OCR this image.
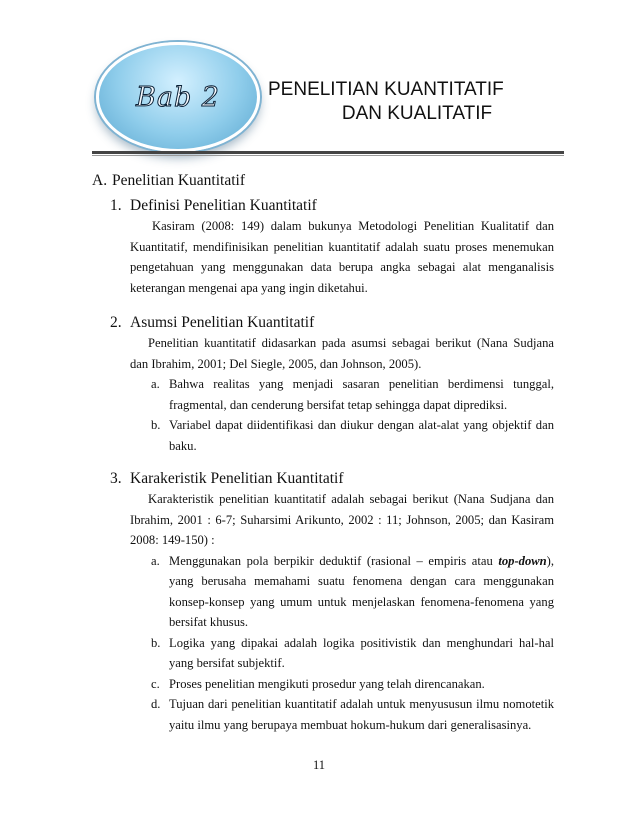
Bab 2	PENELITIAN KUANTITATIF
DAN KUALITATIF
A. Penelitian Kuantitatif
1. Definisi Penelitian Kuantitatif

Kasiram (2008: 149) dalam bukunya Metodologi Penelitian Kualitatif dan Kuantitatif, mendifinisikan penelitian kuantitatif adalah suatu proses menemukan pengetahuan yang menggunakan data berupa angka sebagai alat menganalisis keterangan mengenai apa yang ingin diketahui.

2. Asumsi Penelitian Kuantitatif

Penelitian kuantitatif didasarkan pada asumsi sebagai berikut (Nana Sudjana dan Ibrahim, 2001; Del Siegle, 2005, dan Johnson, 2005).

a. Bahwa realitas yang menjadi sasaran penelitian berdimensi tunggal, fragmental, dan cenderung bersifat tetap sehingga dapat diprediksi.
b. Variabel dapat diidentifikasi dan diukur dengan alat-alat yang objektif dan baku.
3. Karakeristik Penelitian Kuantitatif

Karakteristik penelitian kuantitatif adalah sebagai berikut (Nana Sudjana dan Ibrahim, 2001 : 6-7; Suharsimi Arikunto, 2002 : 11; Johnson, 2005; dan Kasiram 2008: 149-150) :

a. Menggunakan pola berpikir deduktif (rasional – empiris atau top-down), yang berusaha memahami suatu fenomena dengan cara menggunakan konsep-konsep yang umum untuk menjelaskan fenomena-fenomena yang bersifat khusus.
b. Logika yang dipakai adalah logika positivistik dan menghundari hal-hal yang bersifat subjektif.
c. Proses penelitian mengikuti prosedur yang telah direncanakan.
d. Tujuan dari penelitian kuantitatif adalah untuk menyususun ilmu nomotetik yaitu ilmu yang berupaya membuat hokum-hukum dari generalisasinya.
11
